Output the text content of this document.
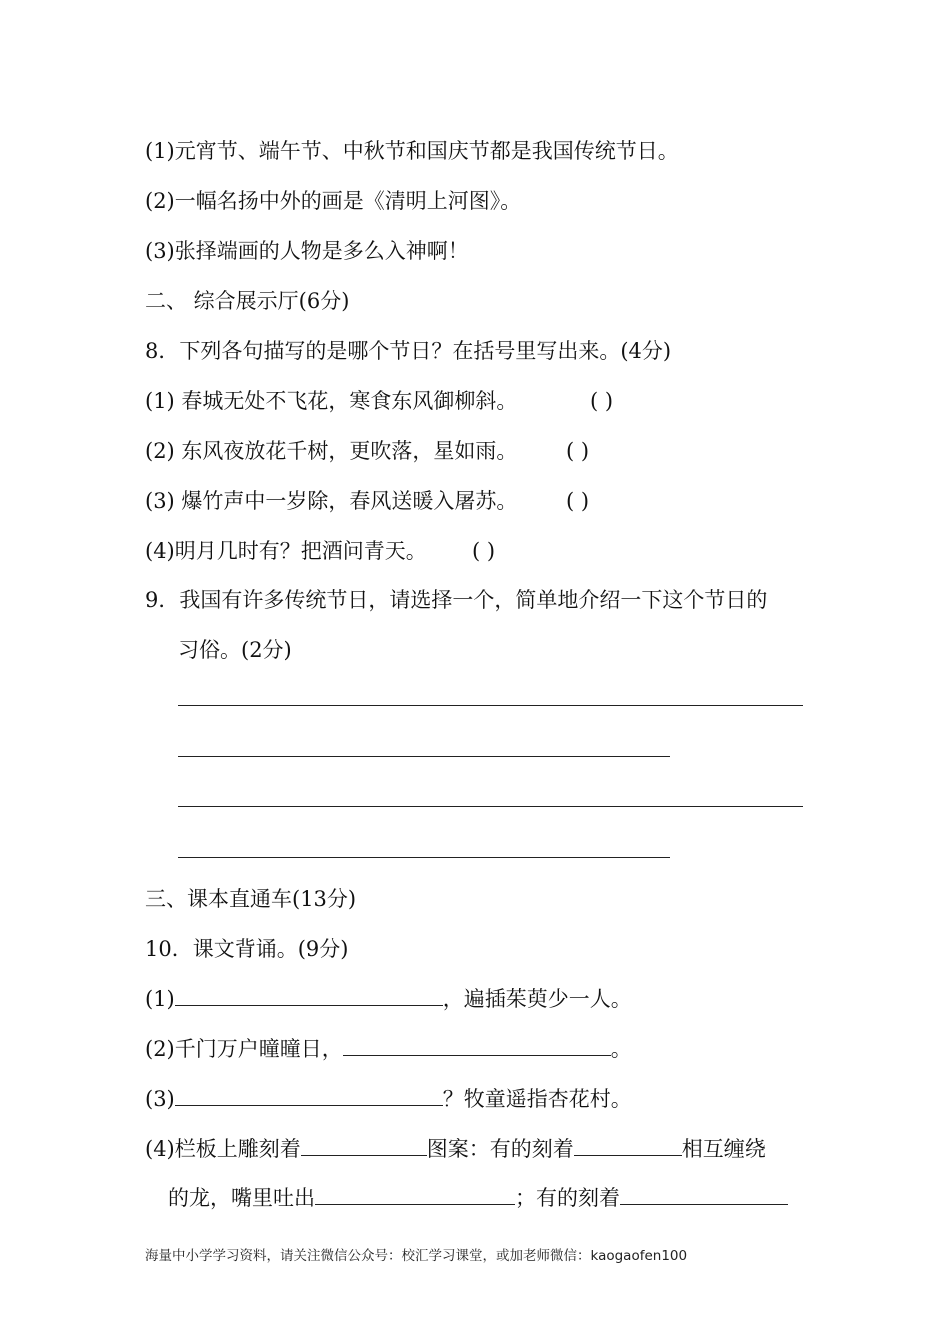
(1)元宵节、端午节、中秋节和国庆节都是我国传统节日。
(2)一幅名扬中外的画是《清明上河图》。
(3)张择端画的人物是多么入神啊！
二、 综合展示厅(6分)
8．下列各句描写的是哪个节日？在括号里写出来。(4分)
(1) 春城无处不飞花，寒食东风御柳斜。	( )
(2) 东风夜放花千树，更吹落，星如雨。 ( )
(3) 爆竹声中一岁除，春风送暖入屠苏。 ( )
(4)明月几时有？把酒问青天。 ( )
9．我国有许多传统节日，请选择一个，简单地介绍一下这个节日的
习俗。(2分)
三、课本直通车(13分)
10．课文背诵。(9分)
(1)	，遍插茱萸少一人。
(2)千门万户曈曈日，	。
(3)	？牧童遥指杏花村。
(4)栏板上雕刻着	图案：有的刻着	相互缠绕
的龙，嘴里吐出	；有的刻着
海量中小学学习资料，请关注微信公众号：校汇学习课堂，或加老师微信：kaogaofen100
